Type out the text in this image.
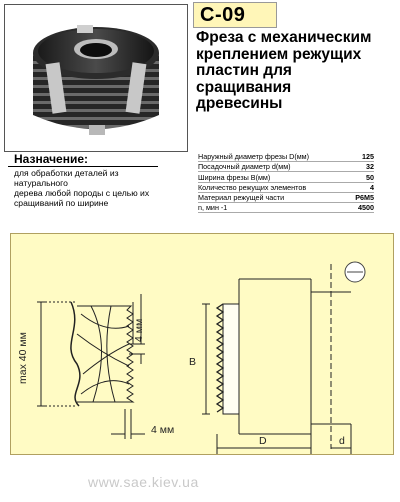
С-09
Фреза с механическим
креплением режущих
пластин для
сращивания
древесины
Назначение:
для обработки деталей из натурального
дерева любой породы с целью их
сращиваний по ширине
Наружный диаметр фрезы D(мм)	125
Посадочный диаметр d(мм)	32
Ширина фрезы B(мм)	50
Количество режущих элементов	4
Материал режущей части	Р6М5
n, мин -1	4500
max 40 мм
4 мм
4 мм
B
D	d
www.sae.kiev.ua
